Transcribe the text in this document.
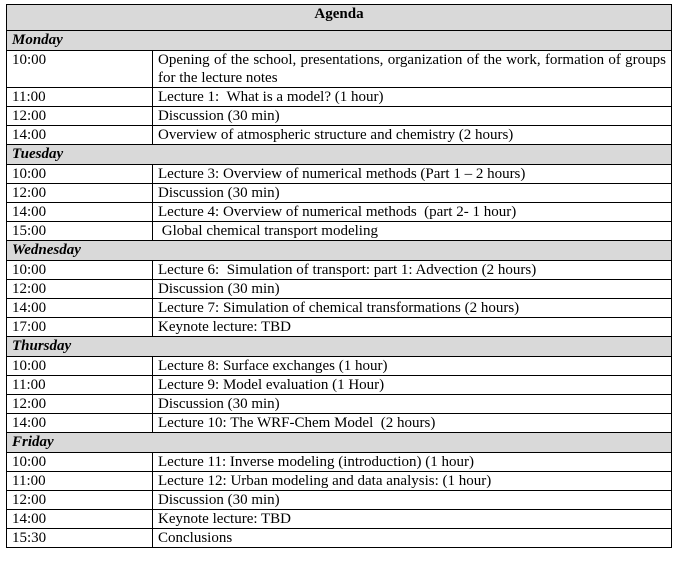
Agenda	
Monday	
10:00	Opening of the school, presentations, organization of the work, formation of groups for the lecture notes
11:00	Lecture 1:  What is a model? (1 hour)
12:00	Discussion (30 min)
14:00	Overview of atmospheric structure and chemistry (2 hours)
Tuesday	
10:00	Lecture 3: Overview of numerical methods (Part 1 – 2 hours)
12:00	Discussion (30 min)
14:00	Lecture 4: Overview of numerical methods  (part 2- 1 hour)
15:00	Global chemical transport modeling
Wednesday	
10:00	Lecture 6:  Simulation of transport: part 1: Advection (2 hours)
12:00	Discussion (30 min)
14:00	Lecture 7: Simulation of chemical transformations (2 hours)
17:00	Keynote lecture: TBD
Thursday	
10:00	Lecture 8: Surface exchanges (1 hour)
11:00	Lecture 9: Model evaluation (1 Hour)
12:00	Discussion (30 min)
14:00	Lecture 10: The WRF-Chem Model  (2 hours)
Friday	
10:00	Lecture 11: Inverse modeling (introduction) (1 hour)
11:00	Lecture 12: Urban modeling and data analysis: (1 hour)
12:00	Discussion (30 min)
14:00	Keynote lecture: TBD
15:30	Conclusions
